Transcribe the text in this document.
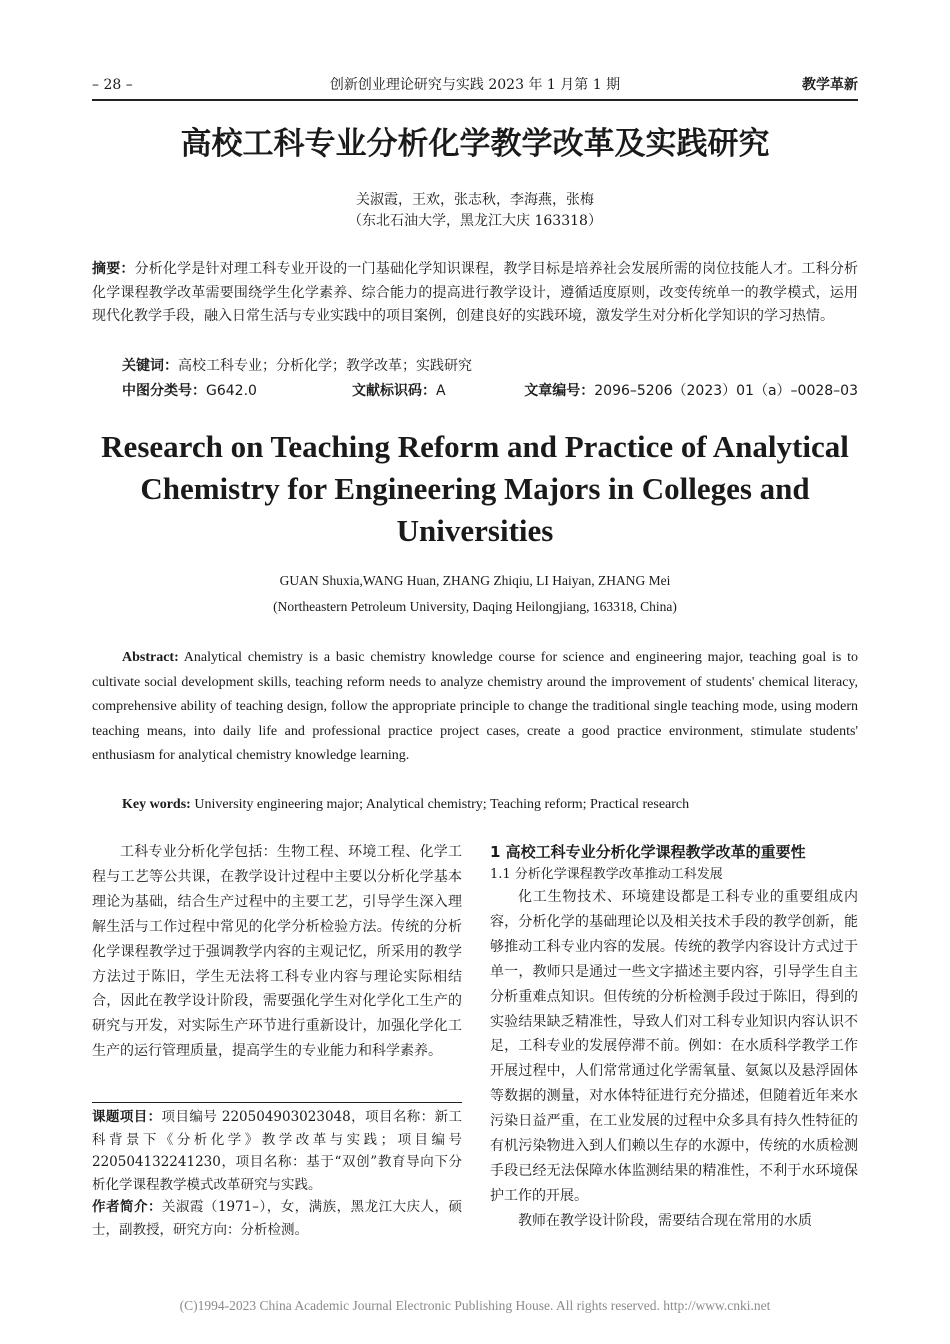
– 28 –	创新创业理论研究与实践 2023 年 1 月第 1 期	教学革新
高校工科专业分析化学教学改革及实践研究
关淑霞，王欢，张志秋，李海燕，张梅
（东北石油大学，黑龙江大庆 163318）
摘要：分析化学是针对理工科专业开设的一门基础化学知识课程，教学目标是培养社会发展所需的岗位技能人才。工科分析化学课程教学改革需要围绕学生化学素养、综合能力的提高进行教学设计，遵循适度原则，改变传统单一的教学模式，运用现代化教学手段，融入日常生活与专业实践中的项目案例，创建良好的实践环境，激发学生对分析化学知识的学习热情。
关键词：高校工科专业；分析化学；教学改革；实践研究
中图分类号：G642.0	文献标识码：A	文章编号：2096–5206（2023）01（a）–0028–03
Research on Teaching Reform and Practice of Analytical Chemistry for Engineering Majors in Colleges and Universities
GUAN Shuxia,WANG Huan, ZHANG Zhiqiu, LI Haiyan, ZHANG Mei
(Northeastern Petroleum University, Daqing Heilongjiang, 163318, China)
Abstract: Analytical chemistry is a basic chemistry knowledge course for science and engineering major, teaching goal is to cultivate social development skills, teaching reform needs to analyze chemistry around the improvement of students' chemical literacy, comprehensive ability of teaching design, follow the appropriate principle to change the traditional single teaching mode, using modern teaching means, into daily life and professional practice project cases, create a good practice environment, stimulate students' enthusiasm for analytical chemistry knowledge learning.
Key words: University engineering major; Analytical chemistry; Teaching reform; Practical research

工科专业分析化学包括：生物工程、环境工程、化学工程与工艺等公共课，在教学设计过程中主要以分析化学基本理论为基础，结合生产过程中的主要工艺，引导学生深入理解生活与工作过程中常见的化学分析检验方法。传统的分析化学课程教学过于强调教学内容的主观记忆，所采用的教学方法过于陈旧，学生无法将工科专业内容与理论实际相结合，因此在教学设计阶段，需要强化学生对化学化工生产的研究与开发，对实际生产环节进行重新设计，加强化学化工生产的运行管理质量，提高学生的专业能力和科学素养。

课题项目：项目编号 220504903023048，项目名称：新工科背景下《分析化学》教学改革与实践；项目编号 220504132241230，项目名称：基于“双创”教育导向下分析化学课程教学模式改革研究与实践。

作者简介：关淑霞（1971–），女，满族，黑龙江大庆人，硕士，副教授，研究方向：分析检测。

1 高校工科专业分析化学课程教学改革的重要性
1.1 分析化学课程教学改革推动工科发展

化工生物技术、环境建设都是工科专业的重要组成内容，分析化学的基础理论以及相关技术手段的教学创新，能够推动工科专业内容的发展。传统的教学内容设计方式过于单一，教师只是通过一些文字描述主要内容，引导学生自主分析重难点知识。但传统的分析检测手段过于陈旧，得到的实验结果缺乏精准性，导致人们对工科专业知识内容认识不足，工科专业的发展停滞不前。例如：在水质科学教学工作开展过程中，人们常常通过化学需氧量、氨氮以及悬浮固体等数据的测量，对水体特征进行充分描述，但随着近年来水污染日益严重，在工业发展的过程中众多具有持久性特征的有机污染物进入到人们赖以生存的水源中，传统的水质检测手段已经无法保障水体监测结果的精准性，不利于水环境保护工作的开展。

教师在教学设计阶段，需要结合现在常用的水质

(C)1994-2023 China Academic Journal Electronic Publishing House. All rights reserved. http://www.cnki.net
